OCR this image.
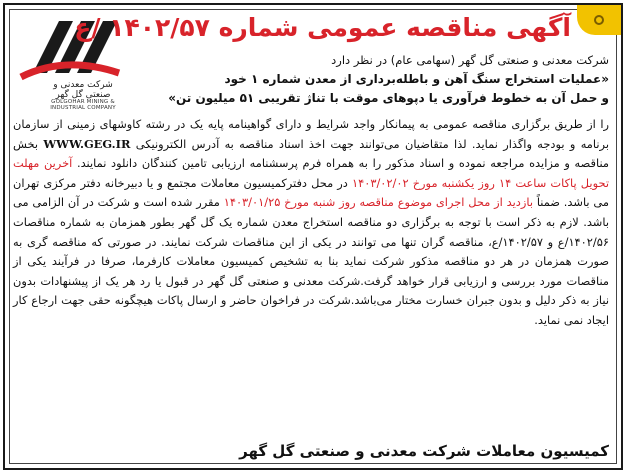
شرکت معدنی و صنعتی گل گهر
GOLGOHAR MINING & INDUSTRIAL COMPANY
آگهی مناقصه عمومی شماره ۱۴۰۲/۵۷ /ع
شرکت معدنی و صنعتی گل گهر (سهامی عام) در نظر دارد
«عملیات استخراج سنگ آهن و باطله‌برداری از معدن شماره ۱ خود
و حمل آن به خطوط فرآوری یا دپوهای موقت با تناژ تقریبی ۵۱ میلیون تن»
را از طریق برگزاری مناقصه عمومی به پیمانکار واجد شرایط و دارای گواهینامه پایه یک در رشته کاوشهای زمینی از سازمان برنامه و بودجه واگذار نماید. لذا متقاضیان می‌توانند جهت اخذ اسناد مناقصه به آدرس الکترونیکی WWW.GEG.IR بخش مناقصه و مزایده مراجعه نموده و اسناد مذکور را به همراه فرم پرسشنامه ارزیابی تامین کنندگان دانلود نمایند. آخرین مهلت تحویل پاکات ساعت ۱۴ روز یکشنبه مورخ ۱۴۰۳/۰۲/۰۲ در محل دفترکمیسیون معاملات مجتمع و یا دبیرخانه دفتر مرکزی تهران می باشد. ضمناً بازدید از محل اجرای موضوع مناقصه روز شنبه مورخ ۱۴۰۳/۰۱/۲۵ مقرر شده است و شرکت در آن الزامی می باشد. لازم به ذکر است با توجه به برگزاری دو مناقصه استخراج معدن شماره یک گل گهر بطور همزمان به شماره مناقصات ۱۴۰۲/۵۶/ع و ۱۴۰۲/۵۷/ع، مناقصه گران تنها می توانند در یکی از این مناقصات شرکت نمایند. در صورتی که مناقصه گری به صورت همزمان در هر دو مناقصه مذکور شرکت نماید بنا به تشخیص کمیسیون معاملات کارفرما، صرفا در فرآیند یکی از مناقصات مورد بررسی و ارزیابی قرار خواهد گرفت.شرکت معدنی و صنعتی گل گهر در قبول یا رد هر یک از پیشنهادات بدون نیاز به ذکر دلیل و بدون جبران خسارت مختار می‌باشد.شرکت در فراخوان حاضر و ارسال پاکات هیچگونه حقی جهت ارجاع کار ایجاد نمی نماید.
کمیسیون معاملات شرکت معدنی و صنعتی گل گهر
